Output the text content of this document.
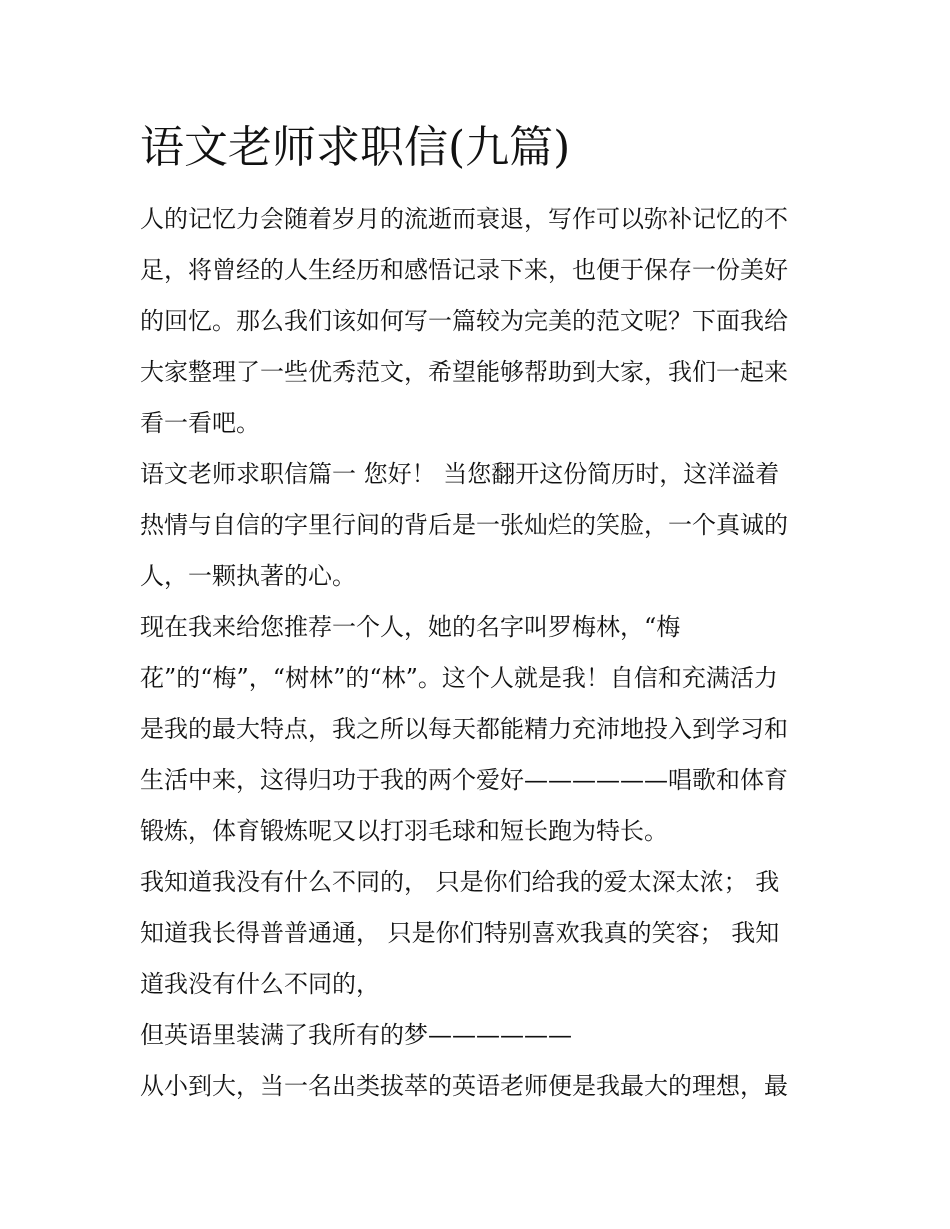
语文老师求职信(九篇)

人的记忆力会随着岁月的流逝而衰退，写作可以弥补记忆的不

足，将曾经的人生经历和感悟记录下来，也便于保存一份美好

的回忆。那么我们该如何写一篇较为完美的范文呢？下面我给

大家整理了一些优秀范文，希望能够帮助到大家，我们一起来

看一看吧。

语文老师求职信篇一 您好！ 当您翻开这份简历时，这洋溢着

热情与自信的字里行间的背后是一张灿烂的笑脸，一个真诚的

人，一颗执著的心。

现在我来给您推荐一个人，她的名字叫罗梅林，“梅

花”的“梅”，“树林”的“林”。这个人就是我！自信和充满活力

是我的最大特点，我之所以每天都能精力充沛地投入到学习和

生活中来，这得归功于我的两个爱好——————唱歌和体育

锻炼，体育锻炼呢又以打羽毛球和短长跑为特长。

我知道我没有什么不同的， 只是你们给我的爱太深太浓； 我

知道我长得普普通通， 只是你们特别喜欢我真的笑容； 我知

道我没有什么不同的，

但英语里装满了我所有的梦——————

从小到大，当一名出类拔萃的英语老师便是我最大的理想，最
